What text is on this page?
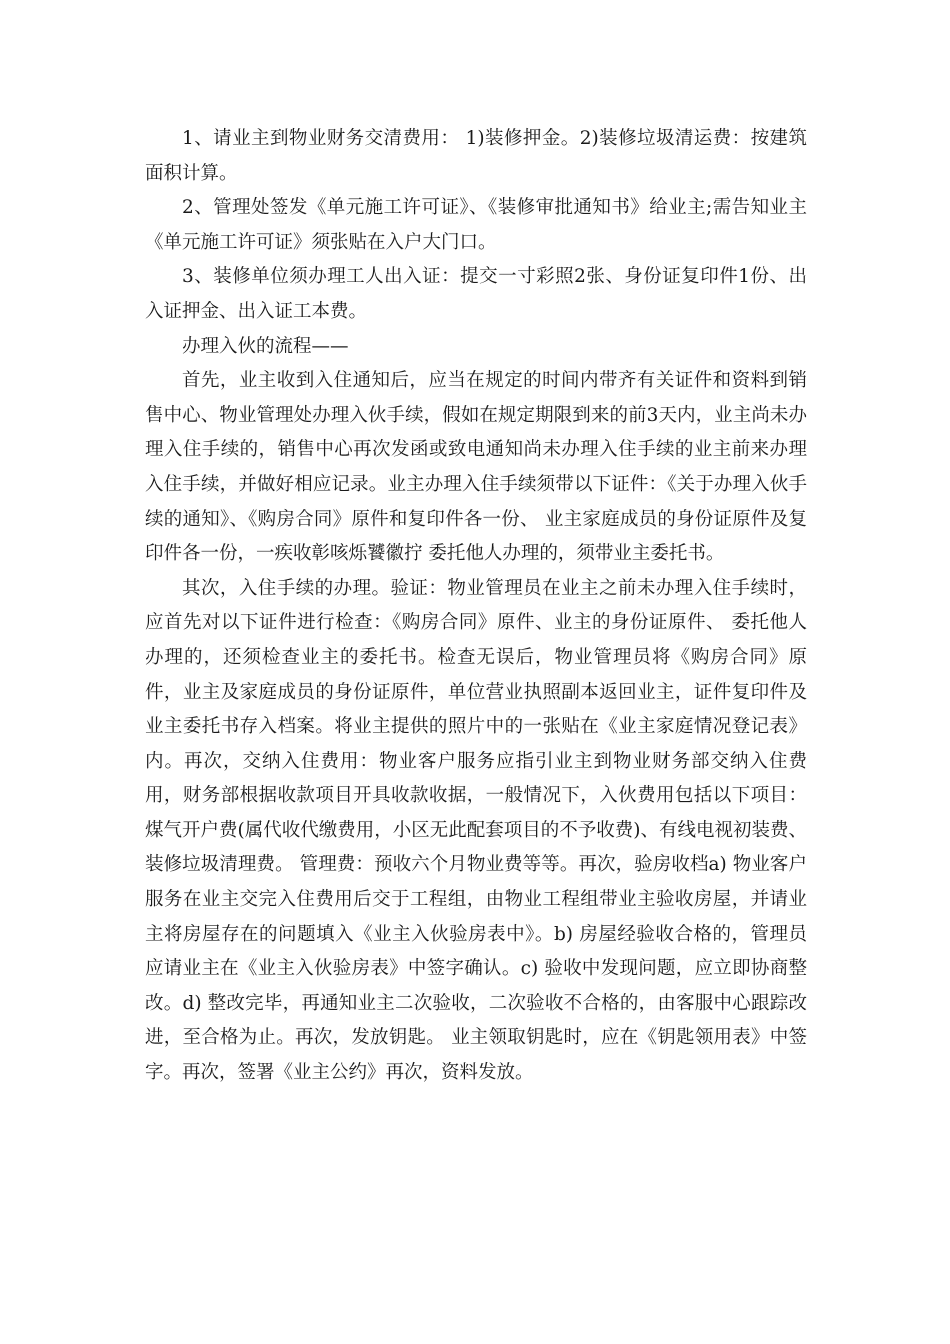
1、请业主到物业财务交清费用： 1)装修押金。2)装修垃圾清运费：按建筑面积计算。

2、管理处签发《单元施工许可证》、《装修审批通知书》给业主;需告知业主《单元施工许可证》须张贴在入户大门口。

3、装修单位须办理工人出入证：提交一寸彩照2张、身份证复印件1份、出入证押金、出入证工本费。

办理入伙的流程——

首先，业主收到入住通知后，应当在规定的时间内带齐有关证件和资料到销售中心、物业管理处办理入伙手续，假如在规定期限到来的前3天内，业主尚未办理入住手续的，销售中心再次发函或致电通知尚未办理入住手续的业主前来办理入住手续，并做好相应记录。业主办理入住手续须带以下证件：《关于办理入伙手续的通知》、《购房合同》原件和复印件各一份、 业主家庭成员的身份证原件及复印件各一份，一疾收彰咳烁饕徽拧 委托他人办理的，须带业主委托书。

其次，入住手续的办理。验证：物业管理员在业主之前未办理入住手续时，应首先对以下证件进行检查：《购房合同》原件、业主的身份证原件、 委托他人办理的，还须检查业主的委托书。检查无误后，物业管理员将《购房合同》原件，业主及家庭成员的身份证原件，单位营业执照副本返回业主，证件复印件及业主委托书存入档案。将业主提供的照片中的一张贴在《业主家庭情况登记表》内。再次，交纳入住费用：物业客户服务应指引业主到物业财务部交纳入住费用，财务部根据收款项目开具收款收据，一般情况下，入伙费用包括以下项目：煤气开户费(属代收代缴费用，小区无此配套项目的不予收费)、有线电视初装费、 装修垃圾清理费。 管理费：预收六个月物业费等等。再次，验房收档a) 物业客户服务在业主交完入住费用后交于工程组，由物业工程组带业主验收房屋，并请业主将房屋存在的问题填入《业主入伙验房表中》。b) 房屋经验收合格的，管理员应请业主在《业主入伙验房表》中签字确认。c) 验收中发现问题，应立即协商整改。d) 整改完毕，再通知业主二次验收，二次验收不合格的，由客服中心跟踪改进，至合格为止。再次，发放钥匙。 业主领取钥匙时，应在《钥匙领用表》中签字。再次，签署《业主公约》再次，资料发放。
